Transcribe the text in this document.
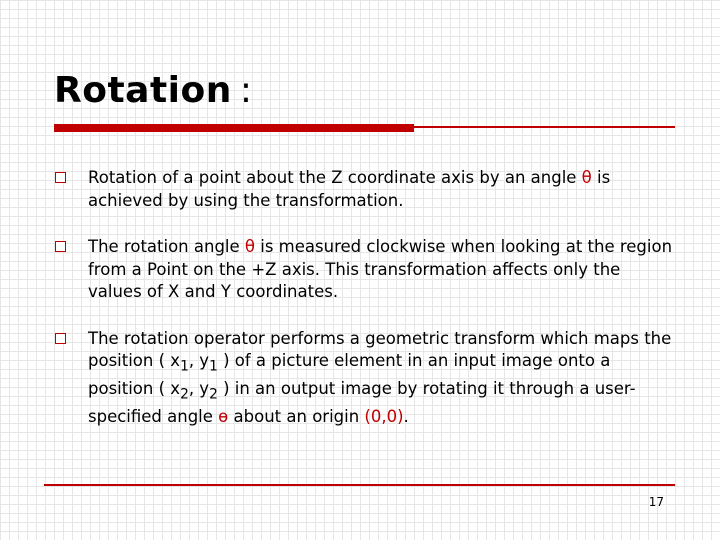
Rotation :
Rotation of a point about the Z coordinate axis by an angle θ is achieved by using the transformation.
The rotation angle θ is measured clockwise when looking at the region from a Point on the +Z axis. This transformation affects only the values of X and Y coordinates.
The rotation operator performs a geometric transform which maps the position ( $x_1$, $y_1$ ) of a picture element in an input image onto a position ( $x_2$, $y_2$ ) in an output image by rotating it through a user-specified angle ɵ about an origin (0,0).
17
